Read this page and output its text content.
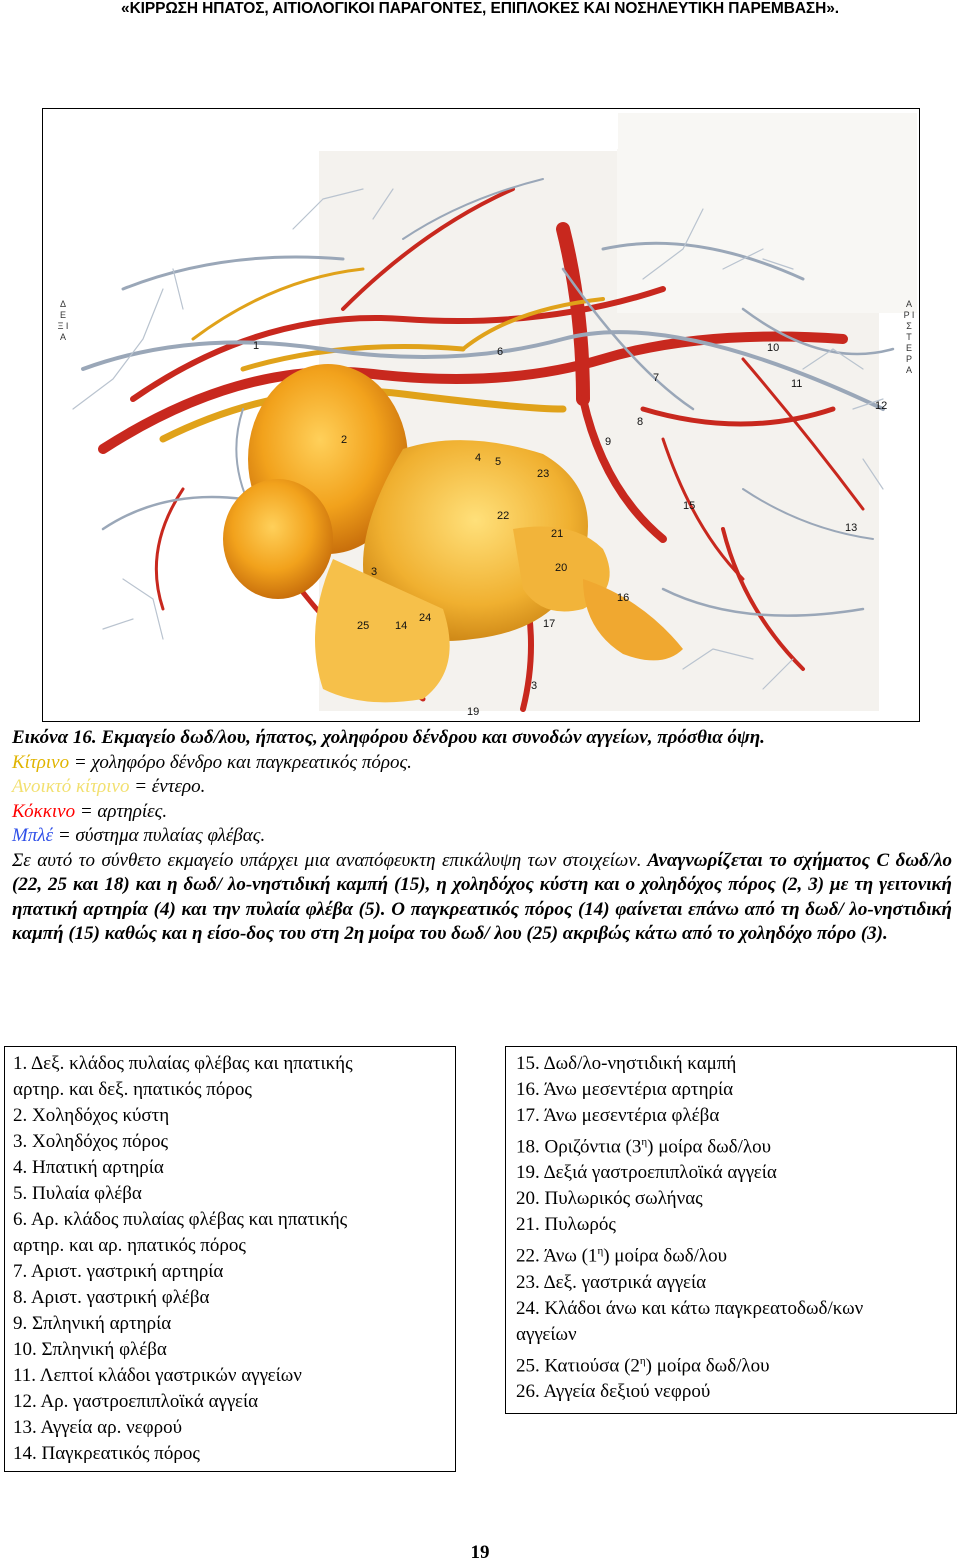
«ΚΙΡΡΩΣΗ ΗΠΑΤΟΣ, ΑΙΤΙΟΛΟΓΙΚΟΙ ΠΑΡΑΓΟΝΤΕΣ, ΕΠΙΠΛΟΚΕΣ ΚΑΙ ΝΟΣΗΛΕΥΤΙΚΗ ΠΑΡΕΜΒΑΣΗ».
1
2
3
4 5
6
7
8
9
10
11
12
13
15
16
17
19
20
21
22
23
24
25 14
3
Α Ρ Ι Σ Τ Ε Ρ Α
Δ Ε Ξ Ι Α
Εικόνα 16. Εκμαγείο δωδ/λου, ήπατος, χοληφόρου δένδρου και συνοδών αγγείων, πρόσθια όψη.
Κίτρινο = χοληφόρο δένδρο και παγκρεατικός πόρος.
Ανοικτό κίτρινο = έντερο.
Κόκκινο = αρτηρίες.
Μπλέ = σύστημα πυλαίας φλέβας.
Σε αυτό το σύνθετο εκμαγείο υπάρχει μια αναπόφευκτη επικάλυψη των στοιχείων. Αναγνωρίζεται το σχήματος C δωδ/λο (22, 25 και 18) και η δωδ/ λο-νηστιδική καμπή (15), η χοληδόχος κύστη και ο χοληδόχος πόρος (2, 3) με τη γειτονική ηπατική αρτηρία (4) και την πυλαία φλέβα (5). Ο παγκρεατικός πόρος (14) φαίνεται επάνω από τη δωδ/ λο-νηστιδική καμπή (15) καθώς και η είσο-δος του στη 2η μοίρα του δωδ/ λου (25) ακριβώς κάτω από το χοληδόχο πόρο (3).
1. Δεξ. κλάδος πυλαίας φλέβας και ηπατικής
αρτηρ. και δεξ. ηπατικός πόρος
2. Χοληδόχος κύστη
3. Χοληδόχος πόρος
4. Ηπατική αρτηρία
5. Πυλαία φλέβα
6. Αρ. κλάδος πυλαίας φλέβας και ηπατικής
αρτηρ. και αρ. ηπατικός πόρος
7. Αριστ. γαστρική αρτηρία
8. Αριστ. γαστρική φλέβα
9. Σπληνική αρτηρία
10. Σπληνική φλέβα
11. Λεπτοί κλάδοι γαστρικών αγγείων
12. Αρ. γαστροεπιπλοϊκά αγγεία
13. Αγγεία αρ. νεφρού
14. Παγκρεατικός πόρος
15. Δωδ/λο-νηστιδική καμπή
16. Άνω μεσεντέρια αρτηρία
17. Άνω μεσεντέρια φλέβα
18. Οριζόντια $(3^\eta)$ μοίρα δωδ/λου
19. Δεξιά γαστροεπιπλοϊκά αγγεία
20. Πυλωρικός σωλήνας
21. Πυλωρός
22. Άνω $(1^\eta)$ μοίρα δωδ/λου
23. Δεξ. γαστρικά αγγεία
24. Κλάδοι άνω και κάτω παγκρεατοδωδ/κων
αγγείων
25. Κατιούσα $(2^\eta)$ μοίρα δωδ/λου
26. Αγγεία δεξιού νεφρού
19
